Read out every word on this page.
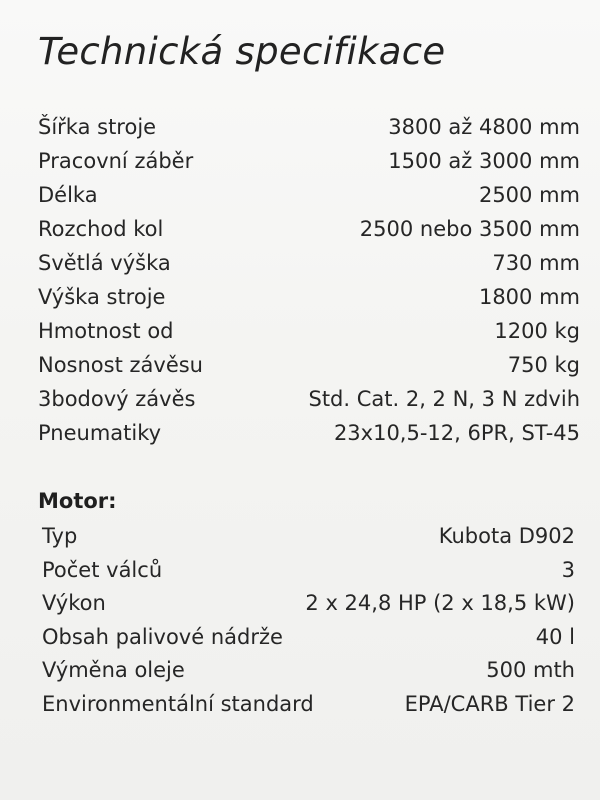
Technická specifikace
Šířka stroje	3800 až 4800 mm
Pracovní záběr	1500 až 3000 mm
Délka	2500 mm
Rozchod kol	2500 nebo 3500 mm
Světlá výška	730 mm
Výška stroje	1800 mm
Hmotnost od	1200 kg
Nosnost závěsu	750 kg
3bodový závěs	Std. Cat. 2, 2 N, 3 N zdvih
Pneumatiky	23x10,5-12, 6PR, ST-45
Motor:
Typ	Kubota D902
Počet válců	3
Výkon	2 x 24,8 HP (2 x 18,5 kW)
Obsah palivové nádrže	40 l
Výměna oleje	500 mth
Environmentální standard	EPA/CARB Tier 2
